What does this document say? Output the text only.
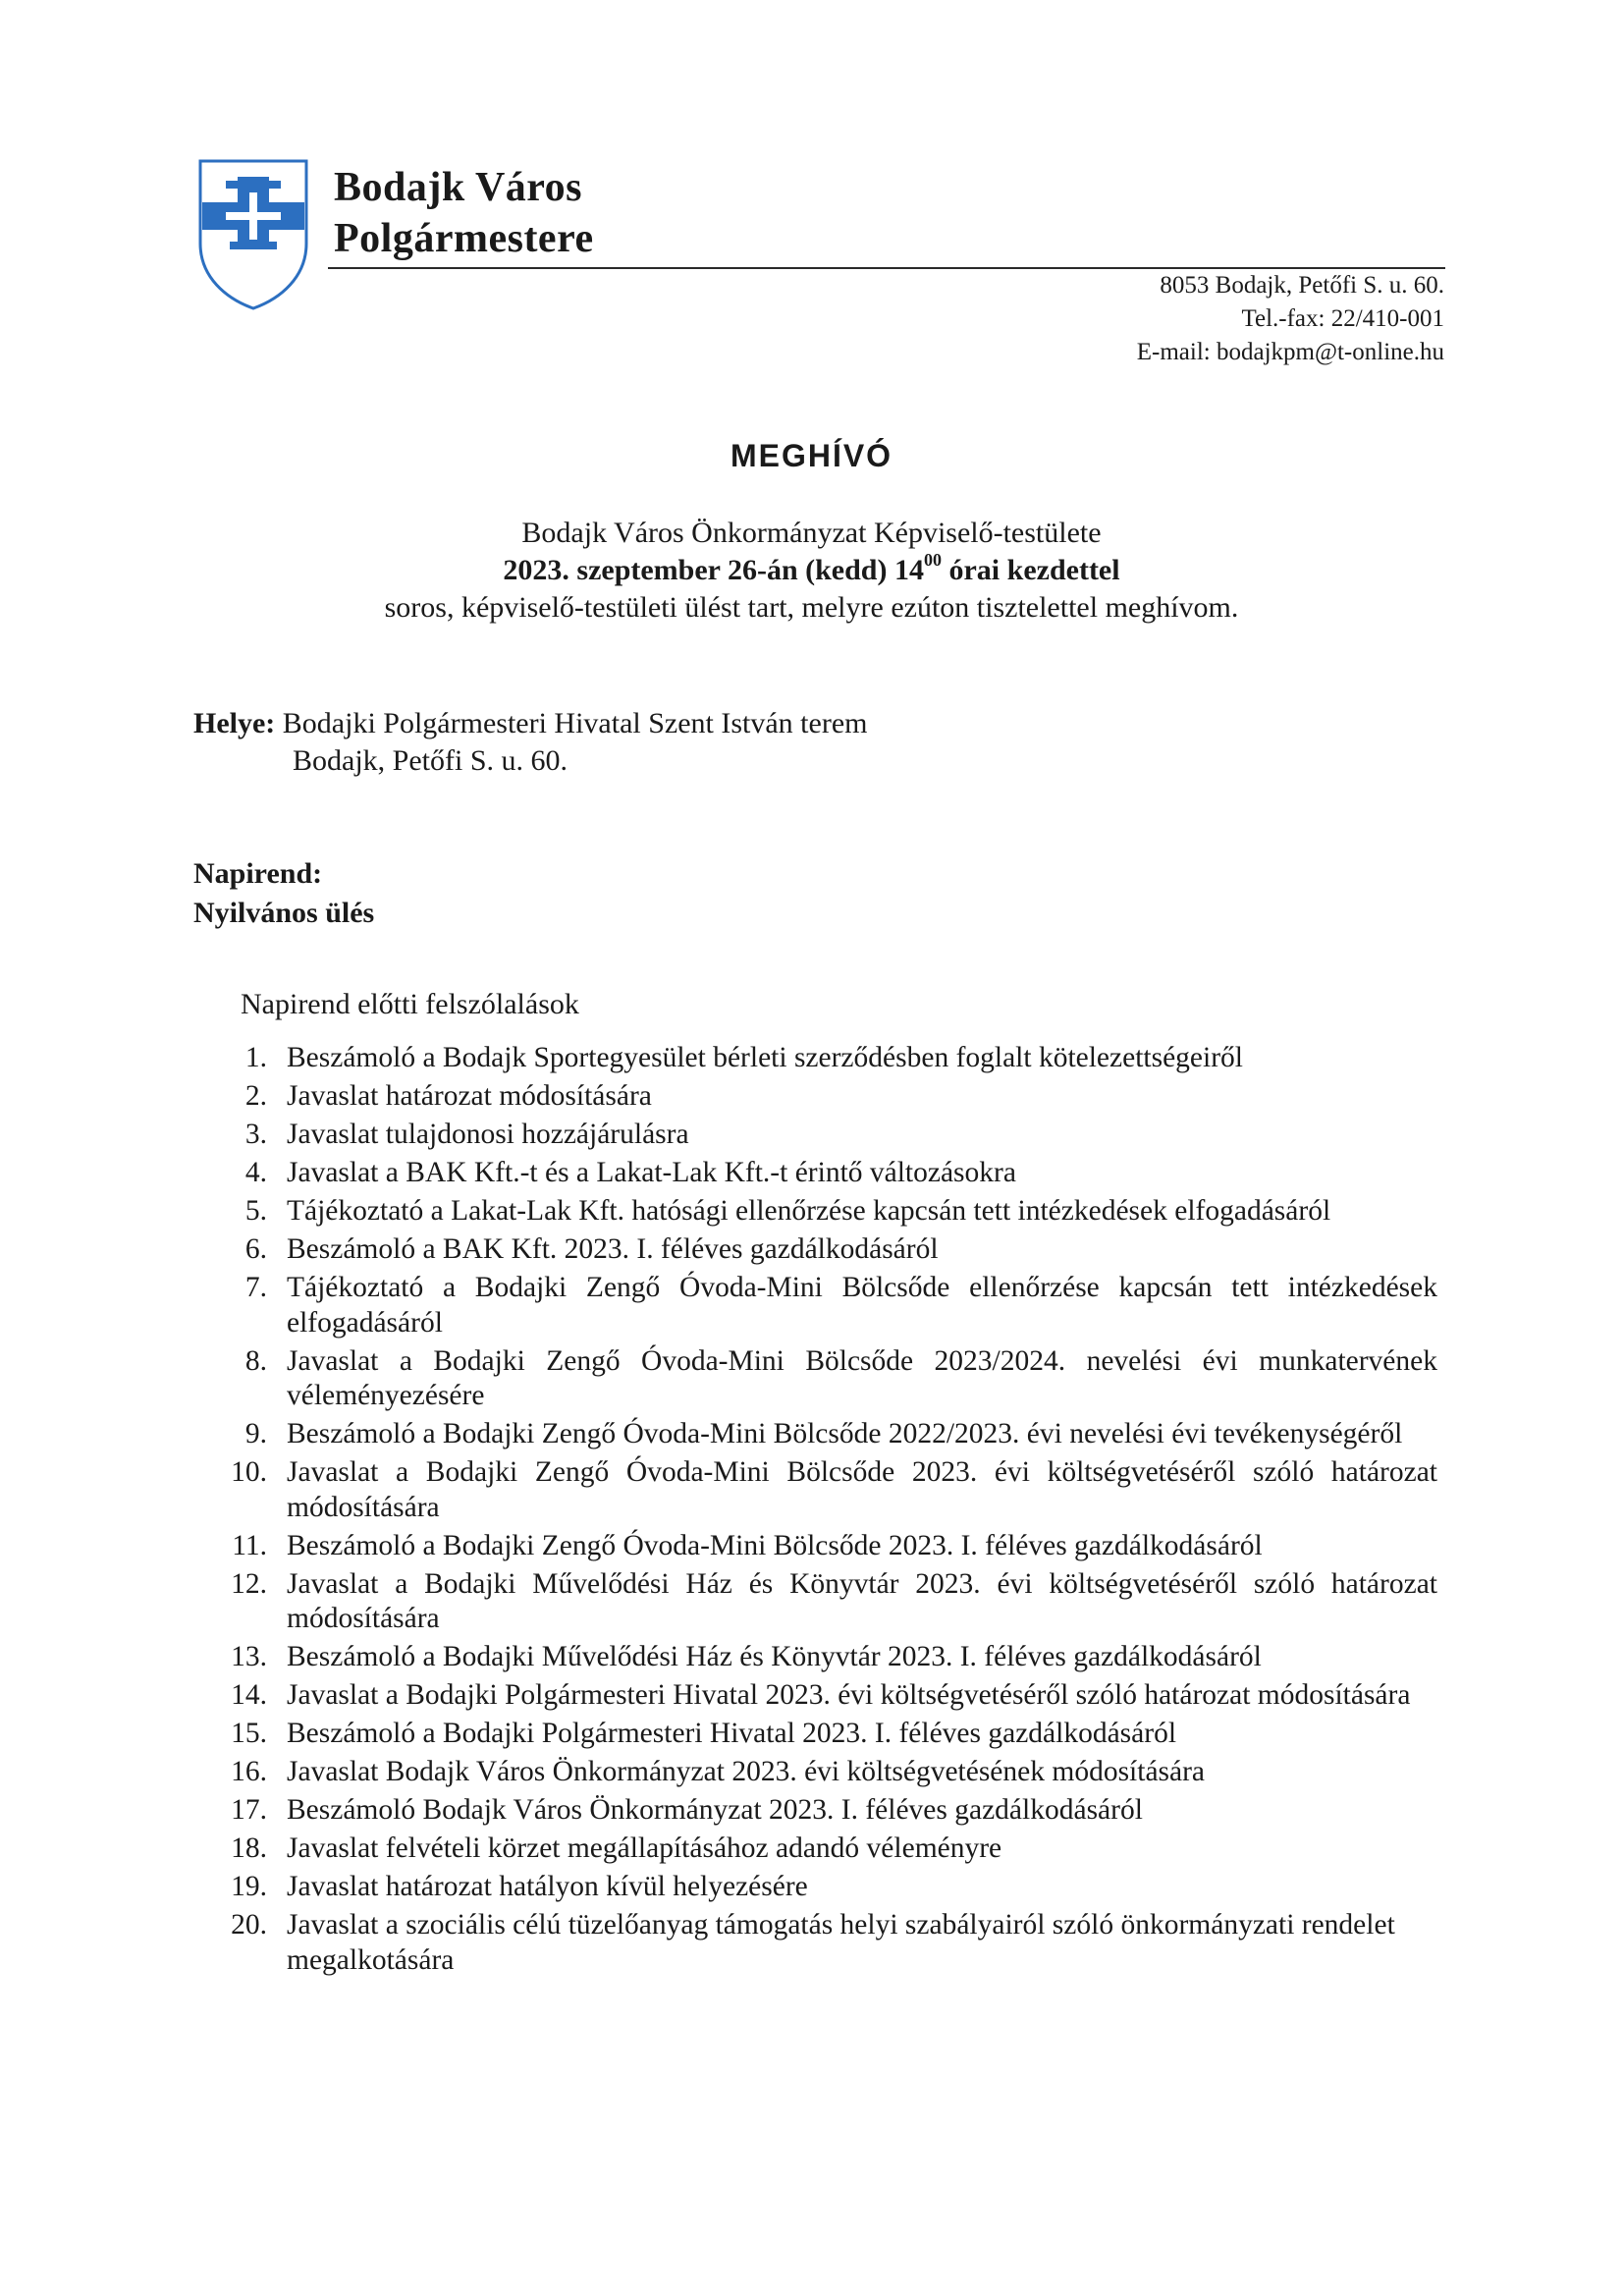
Bodajk Város
Polgármestere
8053 Bodajk, Petőfi S. u. 60.
Tel.-fax: 22/410-001
E-mail: bodajkpm@t-online.hu
MEGHÍVÓ
Bodajk Város Önkormányzat Képviselő-testülete
2023. szeptember 26-án (kedd) $14^{00}$ órai kezdettel
soros, képviselő-testületi ülést tart, melyre ezúton tisztelettel meghívom.
Helye: Bodajki Polgármesteri Hivatal Szent István terem
Bodajk, Petőfi S. u. 60.
Napirend:
Nyilvános ülés
Napirend előtti felszólalások
1. Beszámoló a Bodajk Sportegyesület bérleti szerződésben foglalt kötelezettségeiről
2. Javaslat határozat módosítására
3. Javaslat tulajdonosi hozzájárulásra
4. Javaslat a BAK Kft.-t és a Lakat-Lak Kft.-t érintő változásokra
5. Tájékoztató a Lakat-Lak Kft. hatósági ellenőrzése kapcsán tett intézkedések elfogadásáról
6. Beszámoló a BAK Kft. 2023. I. féléves gazdálkodásáról
7. Tájékoztató a Bodajki Zengő Óvoda-Mini Bölcsőde ellenőrzése kapcsán tett intézkedések elfogadásáról
8. Javaslat a Bodajki Zengő Óvoda-Mini Bölcsőde 2023/2024. nevelési évi munkatervének véleményezésére
9. Beszámoló a Bodajki Zengő Óvoda-Mini Bölcsőde 2022/2023. évi nevelési évi tevékenységéről
10. Javaslat a Bodajki Zengő Óvoda-Mini Bölcsőde 2023. évi költségvetéséről szóló határozat módosítására
11. Beszámoló a Bodajki Zengő Óvoda-Mini Bölcsőde 2023. I. féléves gazdálkodásáról
12. Javaslat a Bodajki Művelődési Ház és Könyvtár 2023. évi költségvetéséről szóló határozat módosítására
13. Beszámoló a Bodajki Művelődési Ház és Könyvtár 2023. I. féléves gazdálkodásáról
14. Javaslat a Bodajki Polgármesteri Hivatal 2023. évi költségvetéséről szóló határozat módosítására
15. Beszámoló a Bodajki Polgármesteri Hivatal 2023. I. féléves gazdálkodásáról
16. Javaslat Bodajk Város Önkormányzat 2023. évi költségvetésének módosítására
17. Beszámoló Bodajk Város Önkormányzat 2023. I. féléves gazdálkodásáról
18. Javaslat felvételi körzet megállapításához adandó véleményre
19. Javaslat határozat hatályon kívül helyezésére
20. Javaslat a szociális célú tüzelőanyag támogatás helyi szabályairól szóló önkormányzati rendelet megalkotására
